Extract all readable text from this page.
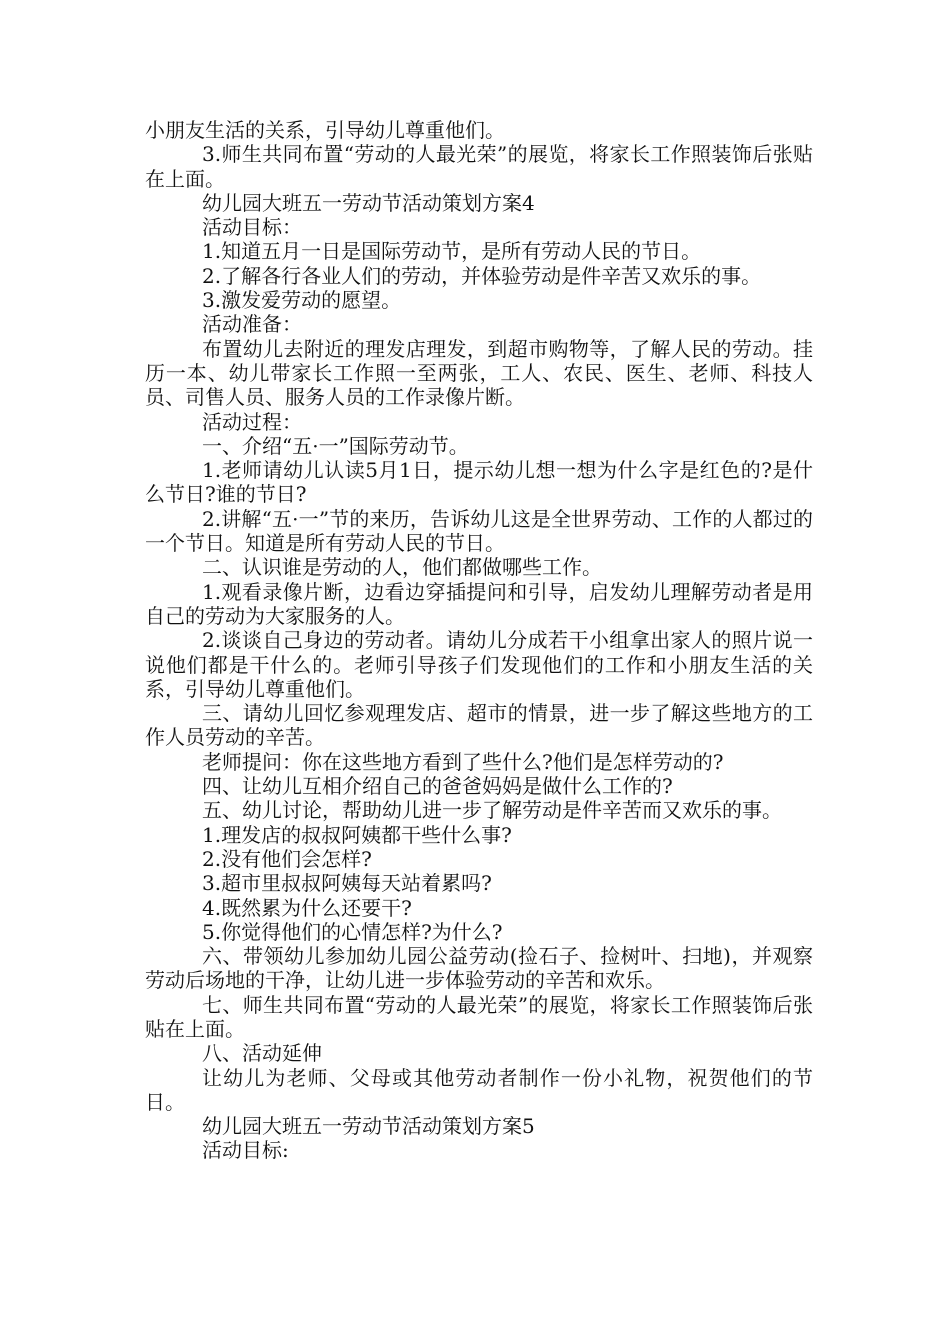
小朋友生活的关系，引导幼儿尊重他们。

3.师生共同布置“劳动的人最光荣”的展览，将家长工作照装饰后张贴在上面。

幼儿园大班五一劳动节活动策划方案4

活动目标：

1.知道五月一日是国际劳动节，是所有劳动人民的节日。

2.了解各行各业人们的劳动，并体验劳动是件辛苦又欢乐的事。

3.激发爱劳动的愿望。

活动准备：

布置幼儿去附近的理发店理发，到超市购物等，了解人民的劳动。挂历一本、幼儿带家长工作照一至两张，工人、农民、医生、老师、科技人员、司售人员、服务人员的工作录像片断。

活动过程：

一、介绍“五·一”国际劳动节。

1.老师请幼儿认读5月1日，提示幼儿想一想为什么字是红色的?是什么节日?谁的节日?

2.讲解“五·一”节的来历，告诉幼儿这是全世界劳动、工作的人都过的一个节日。知道是所有劳动人民的节日。

二、认识谁是劳动的人，他们都做哪些工作。

1.观看录像片断，边看边穿插提问和引导，启发幼儿理解劳动者是用自己的劳动为大家服务的人。

2.谈谈自己身边的劳动者。请幼儿分成若干小组拿出家人的照片说一说他们都是干什么的。老师引导孩子们发现他们的工作和小朋友生活的关系，引导幼儿尊重他们。

三、请幼儿回忆参观理发店、超市的情景，进一步了解这些地方的工作人员劳动的辛苦。

老师提问：你在这些地方看到了些什么?他们是怎样劳动的?

四、让幼儿互相介绍自己的爸爸妈妈是做什么工作的?

五、幼儿讨论，帮助幼儿进一步了解劳动是件辛苦而又欢乐的事。

1.理发店的叔叔阿姨都干些什么事?

2.没有他们会怎样?

3.超市里叔叔阿姨每天站着累吗?

4.既然累为什么还要干?

5.你觉得他们的心情怎样?为什么?

六、带领幼儿参加幼儿园公益劳动(捡石子、捡树叶、扫地)，并观察劳动后场地的干净，让幼儿进一步体验劳动的辛苦和欢乐。

七、师生共同布置“劳动的人最光荣”的展览，将家长工作照装饰后张贴在上面。

八、活动延伸

让幼儿为老师、父母或其他劳动者制作一份小礼物，祝贺他们的节日。

幼儿园大班五一劳动节活动策划方案5

活动目标:
